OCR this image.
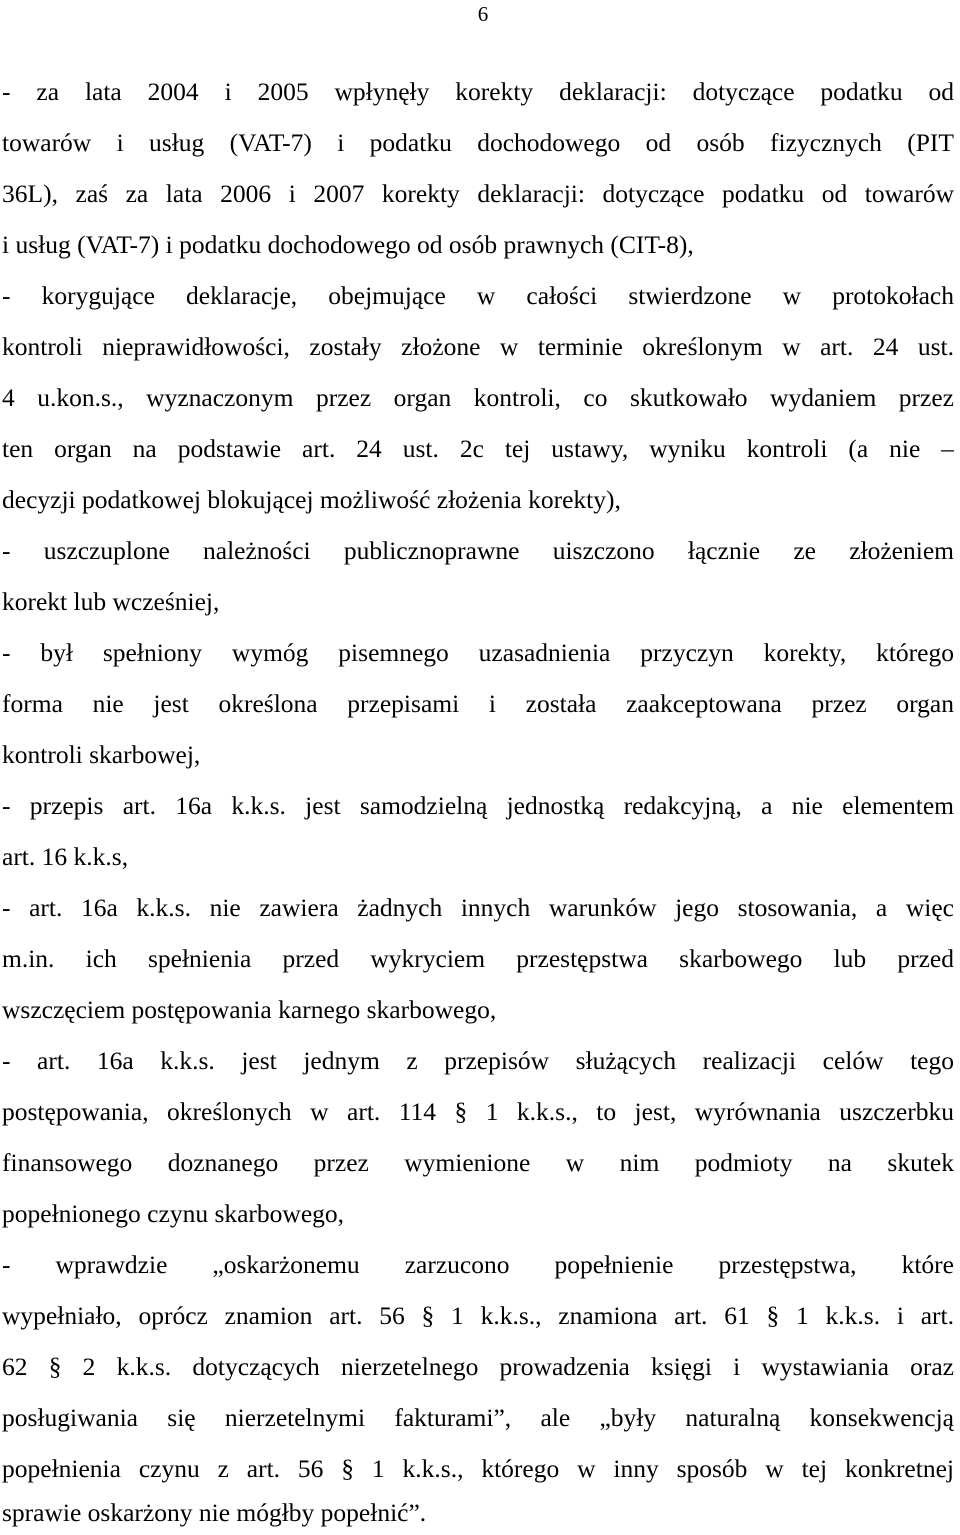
6
- za lata 2004 i 2005 wpłynęły korekty deklaracji: dotyczące podatku od
towarów i usług (VAT-7) i podatku dochodowego od osób fizycznych (PIT
36L), zaś za lata 2006 i 2007 korekty deklaracji: dotyczące podatku od towarów
i usług (VAT-7) i podatku dochodowego od osób prawnych (CIT-8),
- korygujące deklaracje, obejmujące w całości stwierdzone w protokołach
kontroli nieprawidłowości, zostały złożone w terminie określonym w art. 24 ust.
4 u.kon.s., wyznaczonym przez organ kontroli, co skutkowało wydaniem przez
ten organ na podstawie art. 24 ust. 2c tej ustawy, wyniku kontroli (a nie –
decyzji podatkowej blokującej możliwość złożenia korekty),
- uszczuplone należności publicznoprawne uiszczono łącznie ze złożeniem
korekt lub wcześniej,
- był spełniony wymóg pisemnego uzasadnienia przyczyn korekty, którego
forma nie jest określona przepisami i została zaakceptowana przez organ
kontroli skarbowej,
- przepis art. 16a k.k.s. jest samodzielną jednostką redakcyjną, a nie elementem
art. 16 k.k.s,
- art. 16a k.k.s. nie zawiera żadnych innych warunków jego stosowania, a więc
m.in. ich spełnienia przed wykryciem przestępstwa skarbowego lub przed
wszczęciem postępowania karnego skarbowego,
- art. 16a k.k.s. jest jednym z przepisów służących realizacji celów tego
postępowania, określonych w art. 114 § 1 k.k.s., to jest, wyrównania uszczerbku
finansowego doznanego przez wymienione w nim podmioty na skutek
popełnionego czynu skarbowego,
- wprawdzie „oskarżonemu zarzucono popełnienie przestępstwa, które
wypełniało, oprócz znamion art. 56 § 1 k.k.s., znamiona art. 61 § 1 k.k.s. i art.
62 § 2 k.k.s. dotyczących nierzetelnego prowadzenia księgi i wystawiania oraz
posługiwania się nierzetelnymi fakturami”, ale „były naturalną konsekwencją
popełnienia czynu z art. 56 § 1 k.k.s., którego w inny sposób w tej konkretnej
sprawie oskarżony nie mógłby popełnić”.
